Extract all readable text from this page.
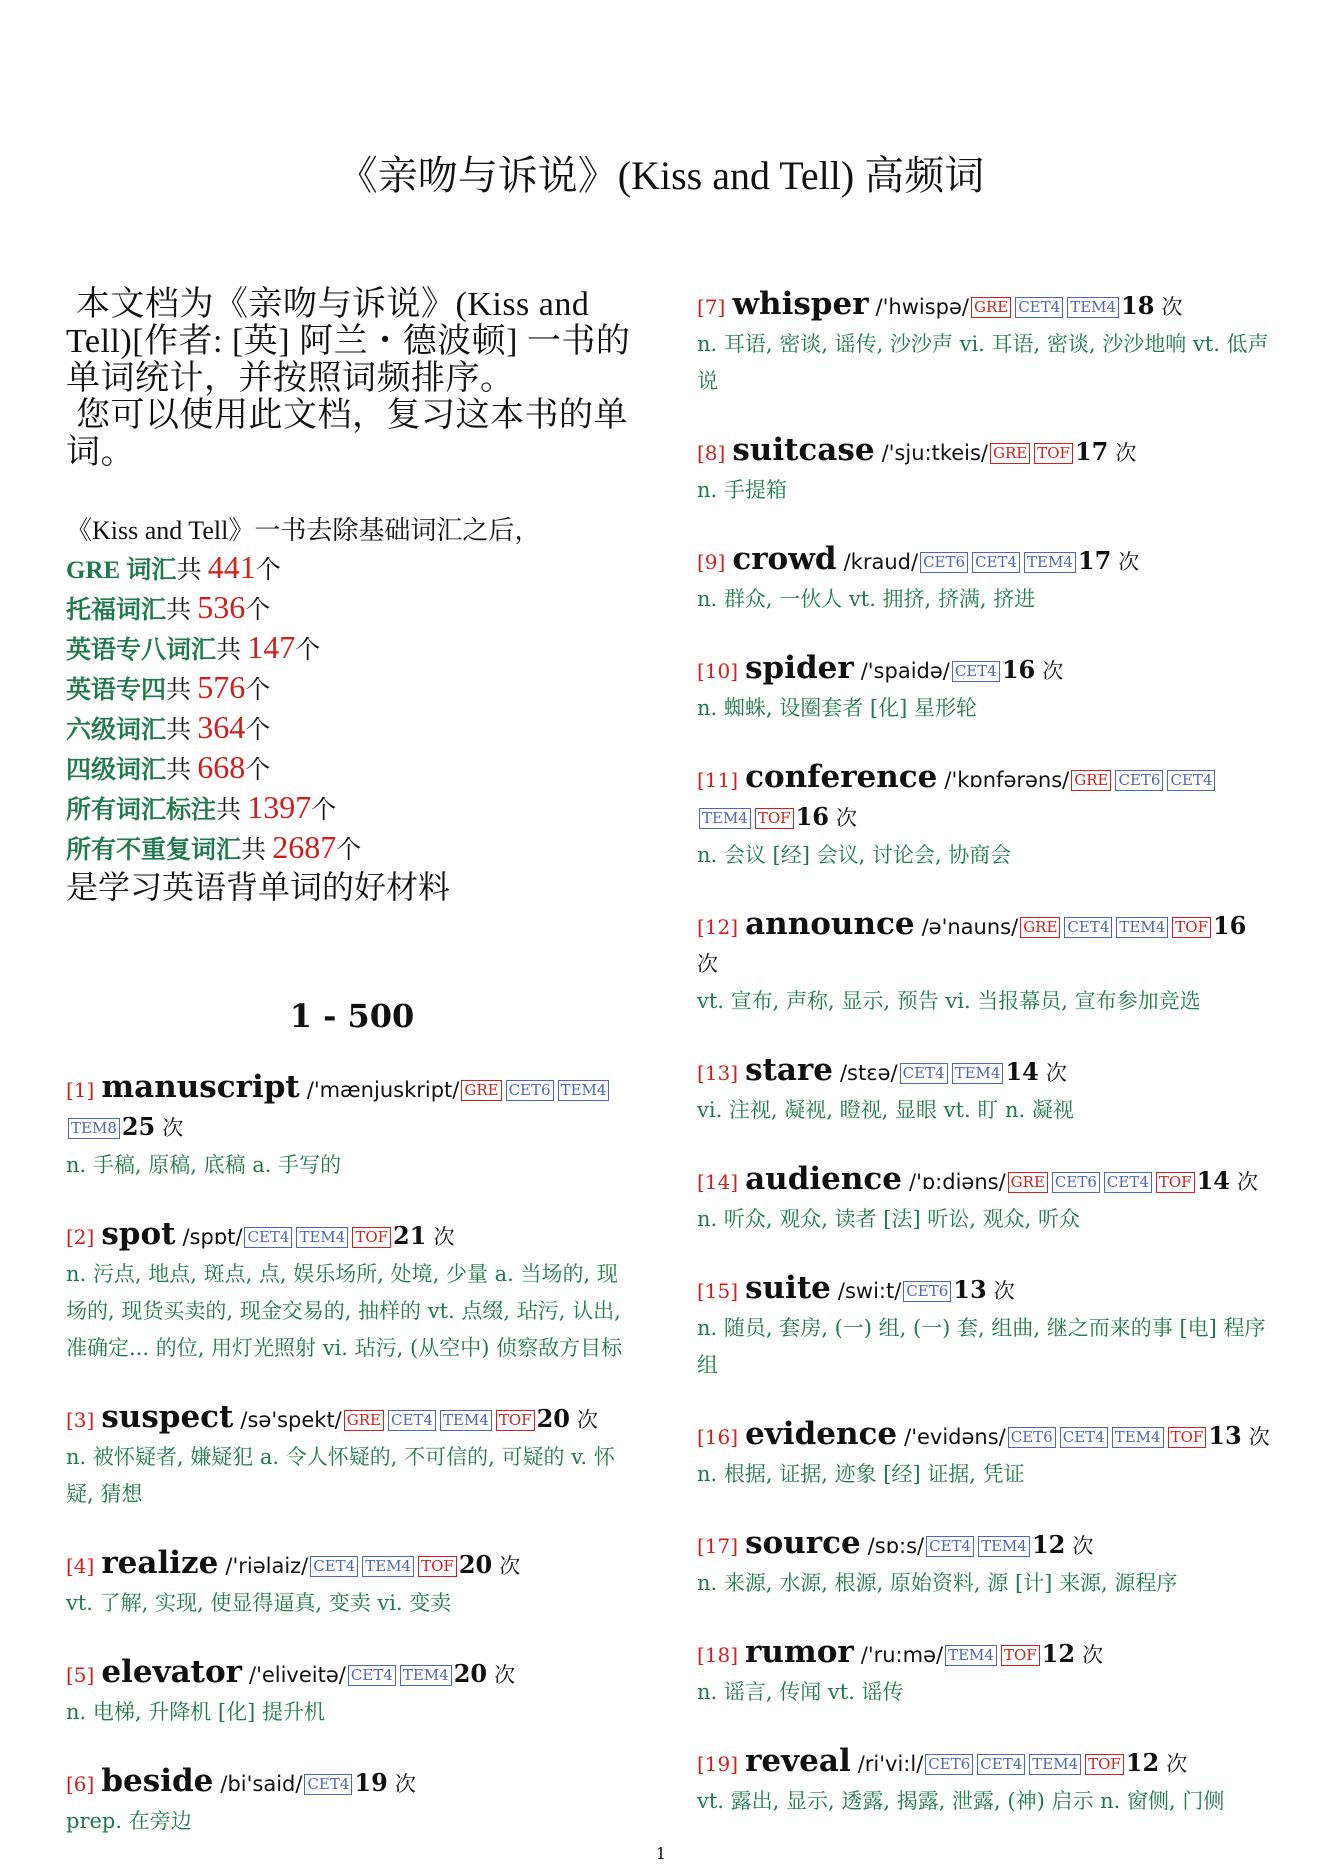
《亲吻与诉说》(Kiss and Tell) 高频词

本文档为《亲吻与诉说》(Kiss and Tell)[作者: [英] 阿兰・德波顿] 一书的单词统计，并按照词频排序。

您可以使用此文档，复习这本书的单词。

《Kiss and Tell》一书去除基础词汇之后，
GRE 词汇共 441个
托福词汇共 536个
英语专八词汇共 147个
英语专四共 576个
六级词汇共 364个
四级词汇共 668个
所有词汇标注共 1397个
所有不重复词汇共 2687个
是学习英语背单词的好材料
1 - 500
[1] manuscript /'mænjuskript/ GRE CET6 TEM4TEM8 25 次
n. 手稿, 原稿, 底稿 a. 手写的
[2] spot /spɒt/ CET4 TEM4 TOF 21 次
n. 污点, 地点, 斑点, 点, 娱乐场所, 处境, 少量 a. 当场的, 现场的, 现货买卖的, 现金交易的, 抽样的 vt. 点缀, 玷污, 认出, 准确定... 的位, 用灯光照射 vi. 玷污, (从空中) 侦察敌方目标
[3] suspect /sə'spekt/ GRE CET4 TEM4 TOF 20 次
n. 被怀疑者, 嫌疑犯 a. 令人怀疑的, 不可信的, 可疑的 v. 怀疑, 猜想
[4] realize /'riəlaiz/ CET4 TEM4 TOF 20 次
vt. 了解, 实现, 使显得逼真, 变卖 vi. 变卖
[5] elevator /'eliveitə/ CET4 TEM4 20 次
n. 电梯, 升降机 [化] 提升机
[6] beside /bi'said/ CET4 19 次
prep. 在旁边
[7] whisper /'hwispə/ GRE CET4 TEM4 18 次
n. 耳语, 密谈, 谣传, 沙沙声 vi. 耳语, 密谈, 沙沙地响 vt. 低声说
[8] suitcase /'sju:tkeis/ GRE TOF 17 次
n. 手提箱
[9] crowd /kraud/ CET6 CET4 TEM4 17 次
n. 群众, 一伙人 vt. 拥挤, 挤满, 挤进
[10] spider /'spaidə/ CET4 16 次
n. 蜘蛛, 设圈套者 [化] 星形轮
[11] conference /'kɒnfərəns/ GRE CET6 CET4TEM4 TOF 16 次
n. 会议 [经] 会议, 讨论会, 协商会
[12] announce /ə'nauns/ GRE CET4 TEM4 TOF 16 次
vt. 宣布, 声称, 显示, 预告 vi. 当报幕员, 宣布参加竞选
[13] stare /stɛə/ CET4 TEM4 14 次
vi. 注视, 凝视, 瞪视, 显眼 vt. 盯 n. 凝视
[14] audience /'ɒ:diəns/ GRE CET6 CET4 TOF 14 次
n. 听众, 观众, 读者 [法] 听讼, 观众, 听众
[15] suite /swi:t/ CET6 13 次
n. 随员, 套房, (一) 组, (一) 套, 组曲, 继之而来的事 [电] 程序组
[16] evidence /'evidəns/ CET6 CET4 TEM4 TOF 13 次
n. 根据, 证据, 迹象 [经] 证据, 凭证
[17] source /sɒ:s/ CET4 TEM4 12 次
n. 来源, 水源, 根源, 原始资料, 源 [计] 来源, 源程序
[18] rumor /'ru:mə/ TEM4 TOF 12 次
n. 谣言, 传闻 vt. 谣传
[19] reveal /ri'vi:l/ CET6 CET4 TEM4 TOF 12 次
vt. 露出, 显示, 透露, 揭露, 泄露, (神) 启示 n. 窗侧, 门侧
1
